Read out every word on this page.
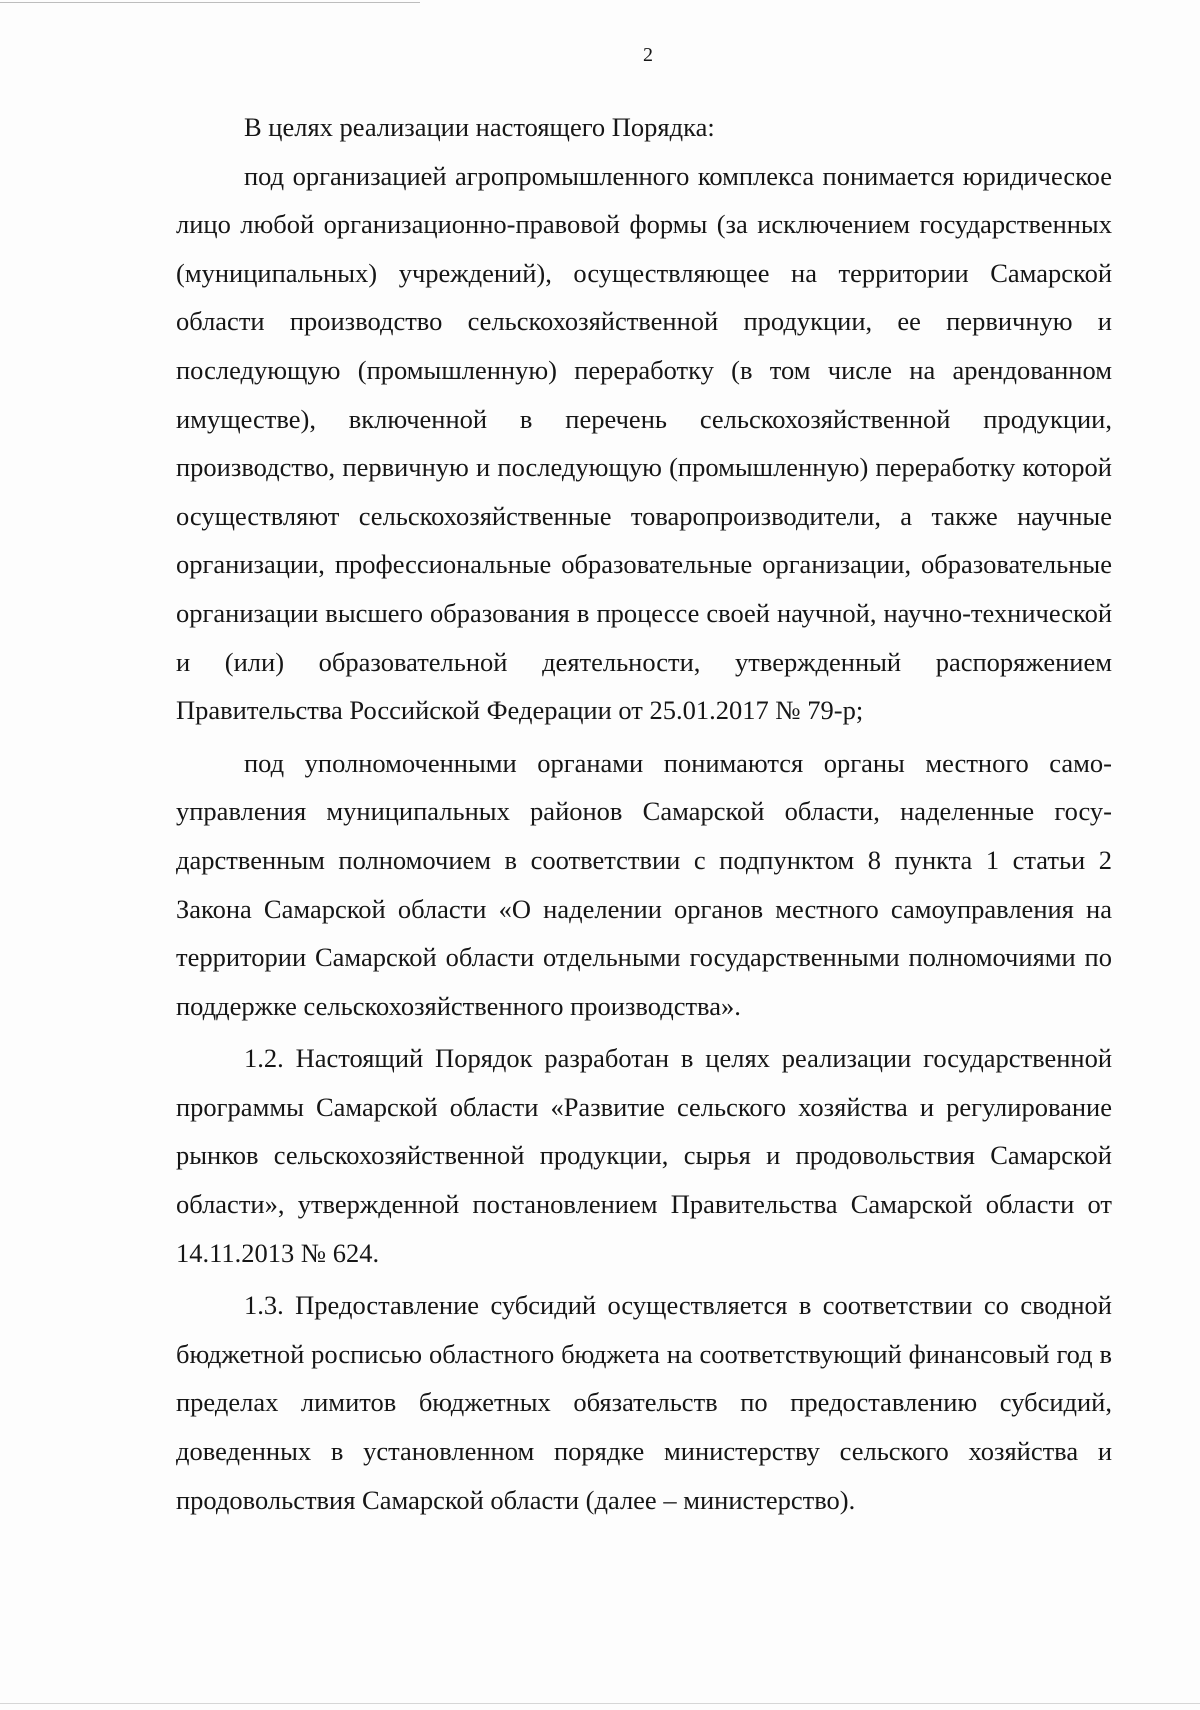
2

В целях реализации настоящего Порядка:

под организацией агропромышленного комплекса понимается юридическое лицо любой организационно-правовой формы (за исключением государственных (муниципальных) учреждений), осуществляющее на территории Самарской области производство сельскохозяйственной продукции, ее первичную и последующую (промышленную) переработку (в том числе на арендованном имуществе), включенной в перечень сельскохозяйственной продукции, производство, первичную и последующую (промышленную) переработку которой осуществляют сельскохозяйственные товаропроизводители, а также научные организации, профессиональные образовательные организации, образовательные организации высшего образования в процессе своей научной, научно-технической и (или) образовательной деятельности, утвержденный распоряжением Правительства Российской Федерации от 25.01.2017 № 79-р;

под уполномоченными органами понимаются органы местного самоуправления муниципальных районов Самарской области, наделенные государственным полномочием в соответствии с подпунктом 8 пункта 1 статьи 2 Закона Самарской области «О наделении органов местного самоуправления на территории Самарской области отдельными государственными полномочиями по поддержке сельскохозяйственного производства».

1.2. Настоящий Порядок разработан в целях реализации государственной программы Самарской области «Развитие сельского хозяйства и регулирование рынков сельскохозяйственной продукции, сырья и продовольствия Самарской области», утвержденной постановлением Правительства Самарской области от 14.11.2013 № 624.

1.3. Предоставление субсидий осуществляется в соответствии со сводной бюджетной росписью областного бюджета на соответствующий финансовый год в пределах лимитов бюджетных обязательств по предоставлению субсидий, доведенных в установленном порядке министерству сельского хозяйства и продовольствия Самарской области (далее – министерство).
